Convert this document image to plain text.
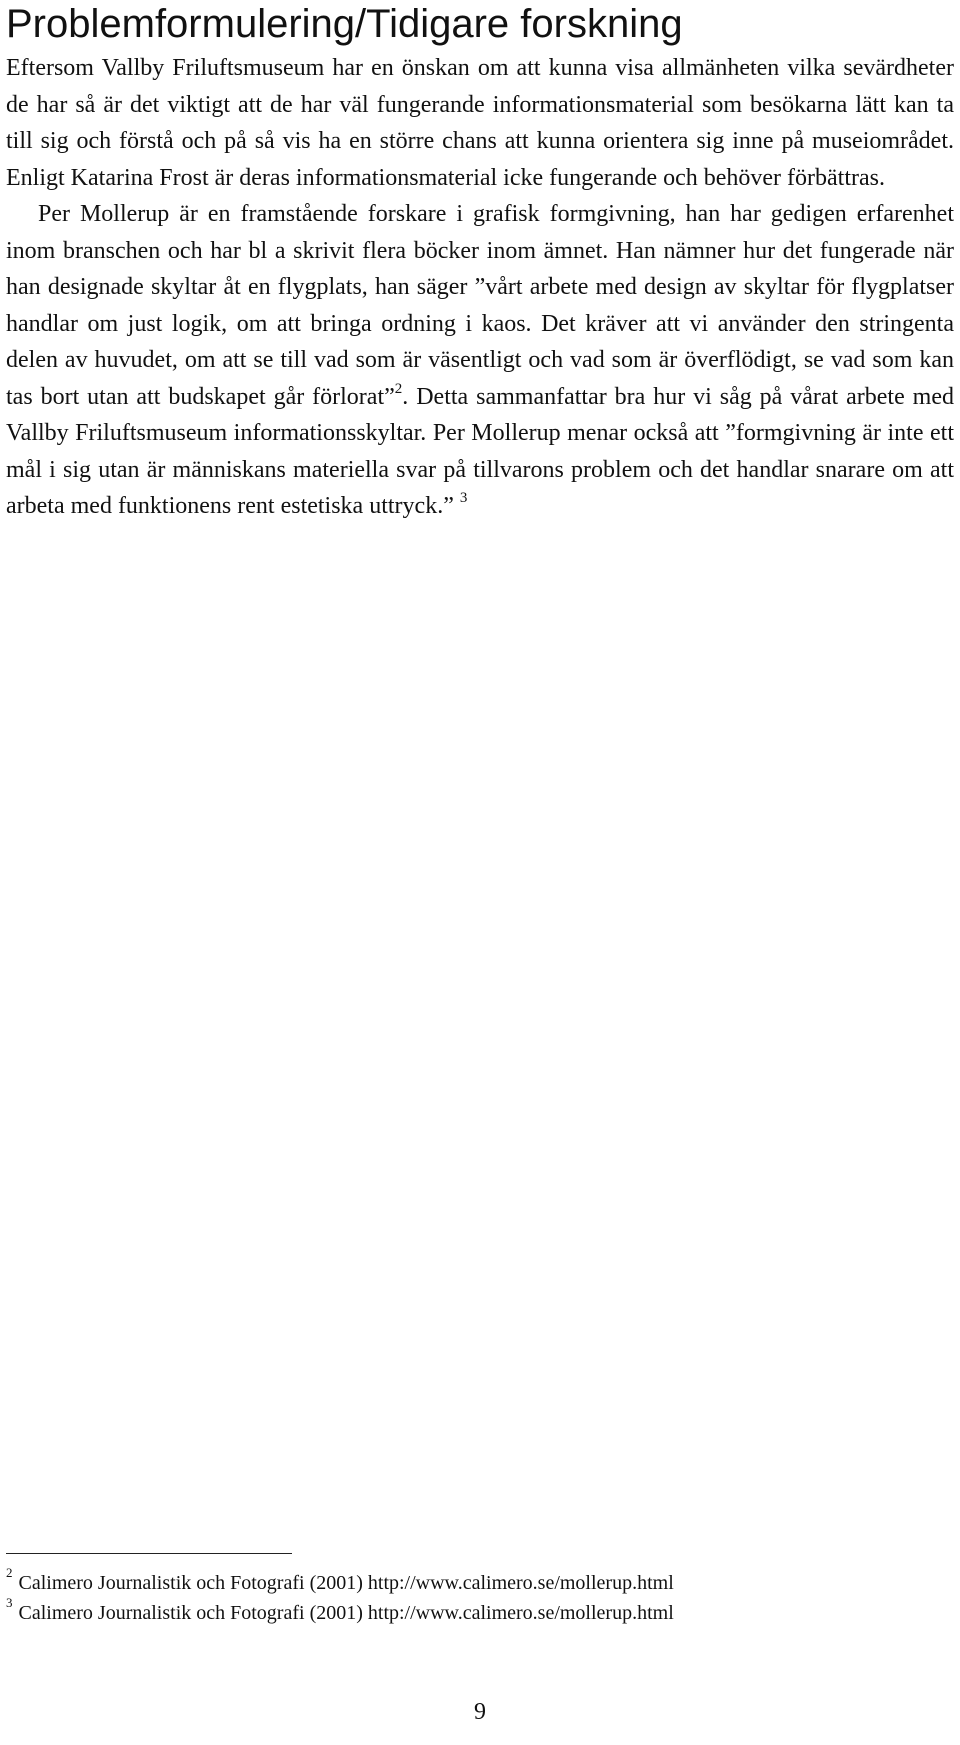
Problemformulering/Tidigare forskning

Eftersom Vallby Friluftsmuseum har en önskan om att kunna visa allmänheten vilka sevärdheter de har så är det viktigt att de har väl fungerande informationsmaterial som besökarna lätt kan ta till sig och förstå och på så vis ha en större chans att kunna orientera sig inne på museiområdet. Enligt Katarina Frost är deras informationsmaterial icke fungerande och behöver förbättras.

Per Mollerup är en framstående forskare i grafisk formgivning, han har gedigen erfarenhet inom branschen och har bl a skrivit flera böcker inom ämnet. Han nämner hur det fungerade när han designade skyltar åt en flygplats, han säger ”vårt arbete med design av skyltar för flygplatser handlar om just logik, om att bringa ordning i kaos. Det kräver att vi använder den stringenta delen av huvudet, om att se till vad som är väsentligt och vad som är överflödigt, se vad som kan tas bort utan att budskapet går förlorat”$^2$. Detta sammanfattar bra hur vi såg på vårat arbete med Vallby Friluftsmuseum informationsskyltar. Per Mollerup menar också att ”formgivning är inte ett mål i sig utan är människans materiella svar på tillvarons problem och det handlar snarare om att arbeta med funktionens rent estetiska uttryck.” $^3$

$^2$ Calimero Journalistik och Fotografi (2001) http://www.calimero.se/mollerup.html
$^3$ Calimero Journalistik och Fotografi (2001) http://www.calimero.se/mollerup.html
9
